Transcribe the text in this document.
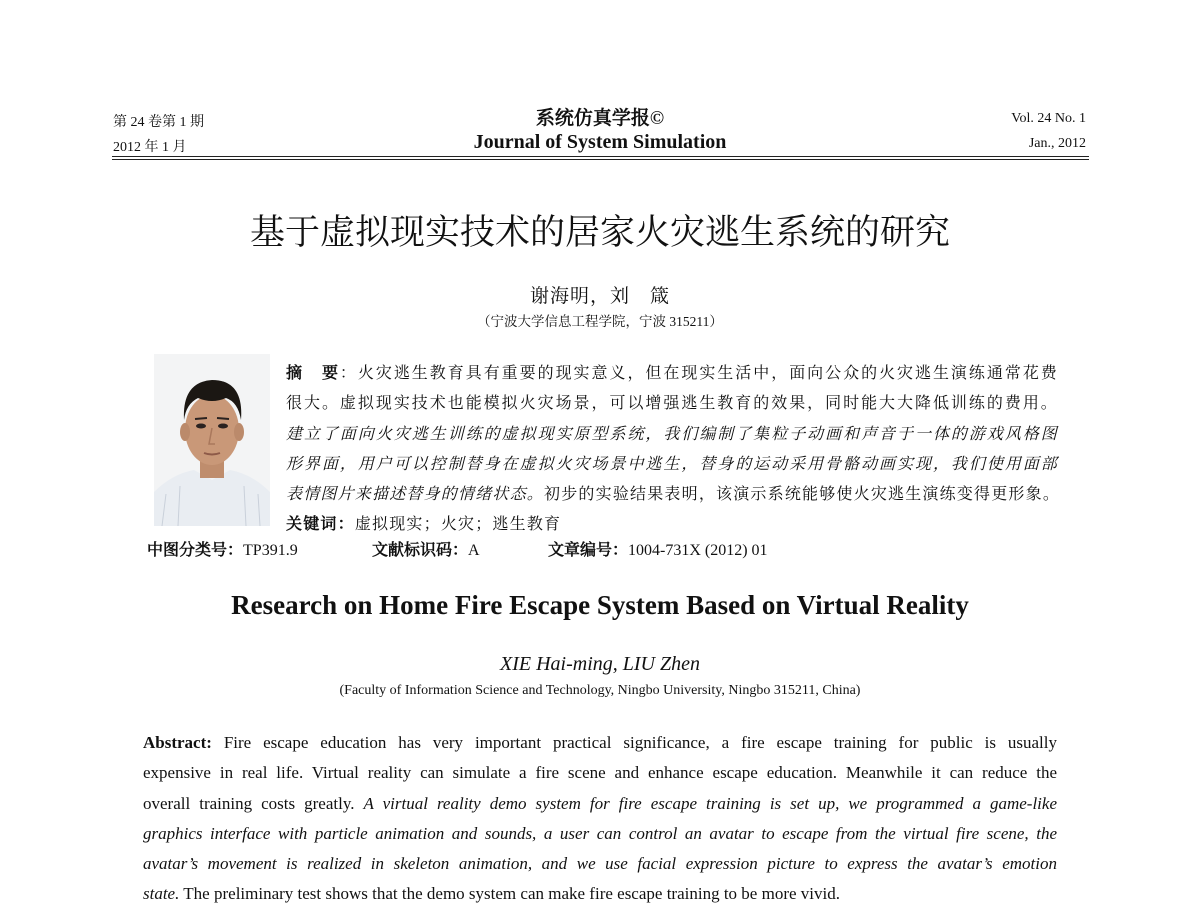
第 24 卷第 1 期
2012 年 1 月
系统仿真学报©
Journal of System Simulation
Vol. 24 No. 1
Jan., 2012
基于虚拟现实技术的居家火灾逃生系统的研究
谢海明，刘　箴
（宁波大学信息工程学院，宁波 315211）
摘　要：火灾逃生教育具有重要的现实意义，但在现实生活中，面向公众的火灾逃生演练通常花费
很大。虚拟现实技术也能模拟火灾场景，可以增强逃生教育的效果，同时能大大降低训练的费用。
建立了面向火灾逃生训练的虚拟现实原型系统，我们编制了集粒子动画和声音于一体的游戏风格图
形界面，用户可以控制替身在虚拟火灾场景中逃生，替身的运动采用骨骼动画实现，我们使用面部
表情图片来描述替身的情绪状态。初步的实验结果表明，该演示系统能够使火灾逃生演练变得更形象。
关键词：虚拟现实；火灾；逃生教育
中图分类号：TP391.9	文献标识码：A	文章编号：1004-731X (2012) 01
Research on Home Fire Escape System Based on Virtual Reality
XIE Hai-ming, LIU Zhen
(Faculty of Information Science and Technology, Ningbo University, Ningbo 315211, China)
Abstract: Fire escape education has very important practical significance, a fire escape training for public is usually
expensive in real life. Virtual reality can simulate a fire scene and enhance escape education. Meanwhile it can reduce the
overall training costs greatly. A virtual reality demo system for fire escape training is set up, we programmed a game-like
graphics interface with particle animation and sounds, a user can control an avatar to escape from the virtual fire scene, the
avatar’s movement is realized in skeleton animation, and we use facial expression picture to express the avatar’s emotion
state. The preliminary test shows that the demo system can make fire escape training to be more vivid.
